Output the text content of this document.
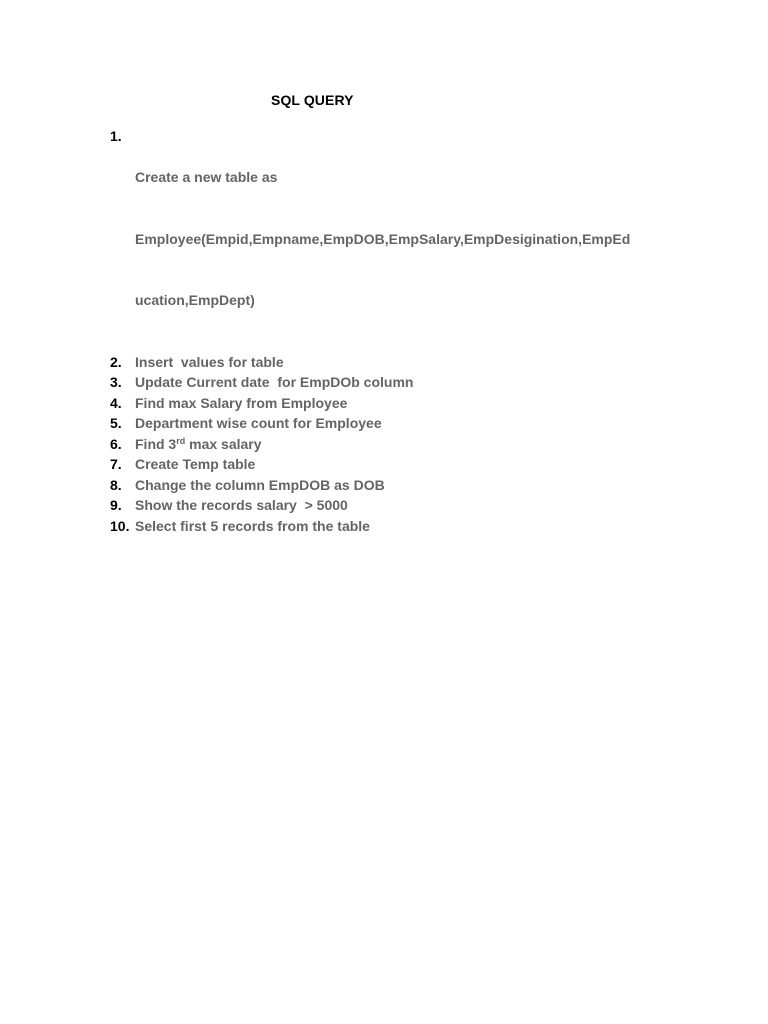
SQL QUERY
1.

Create a new table as

Employee(Empid,Empname,EmpDOB,EmpSalary,EmpDesigination,EmpEd

ucation,EmpDept)

2. Insert  values for table
3. Update Current date  for EmpDOb column
4. Find max Salary from Employee
5. Department wise count for Employee
6. Find 3rd max salary
7. Create Temp table
8. Change the column EmpDOB as DOB
9. Show the records salary  > 5000
10. Select first 5 records from the table
